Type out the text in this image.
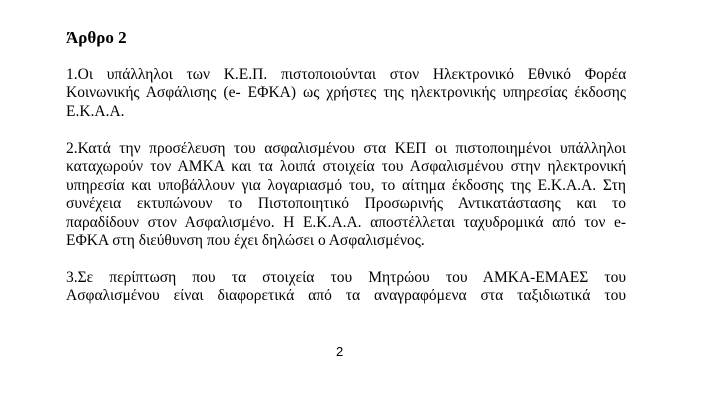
Άρθρο 2
1.Οι υπάλληλοι των Κ.Ε.Π. πιστοποιούνται στον Ηλεκτρονικό Εθνικό Φορέα
Κοινωνικής Ασφάλισης (e- ΕΦΚΑ) ως χρήστες της ηλεκτρονικής υπηρεσίας έκδοσης
Ε.Κ.Α.Α.
2.Κατά την προσέλευση του ασφαλισμένου στα ΚΕΠ οι πιστοποιημένοι υπάλληλοι
καταχωρούν τον ΑΜΚΑ και τα λοιπά στοιχεία του Ασφαλισμένου στην ηλεκτρονική
υπηρεσία και υποβάλλουν για λογαριασμό του, το αίτημα έκδοσης της Ε.Κ.Α.Α. Στη
συνέχεια εκτυπώνουν το Πιστοποιητικό Προσωρινής Αντικατάστασης και το
παραδίδουν στον Ασφαλισμένο. Η Ε.Κ.Α.Α. αποστέλλεται ταχυδρομικά από τον e-
ΕΦΚΑ στη διεύθυνση που έχει δηλώσει ο Ασφαλισμένος.
3.Σε περίπτωση που τα στοιχεία του Μητρώου του ΑΜΚΑ-ΕΜΑΕΣ του
Ασφαλισμένου είναι διαφορετικά από τα αναγραφόμενα στα ταξιδιωτικά του
2
